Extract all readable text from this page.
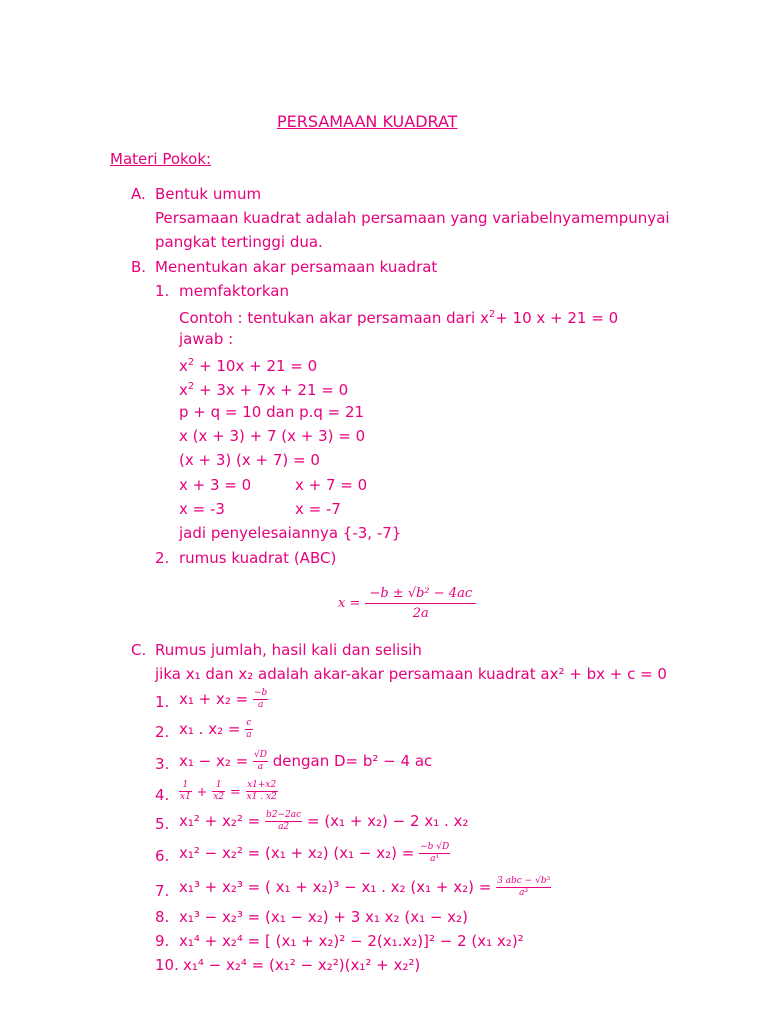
PERSAMAAN KUADRAT
Materi Pokok:
A. Bentuk umum
Persamaan kuadrat adalah persamaan yang variabelnyamempunyai
pangkat tertinggi dua.
B. Menentukan akar persamaan kuadrat
1. memfaktorkan
Contoh : tentukan akar persamaan dari $x^2+ 10$ x + 21 = 0
jawab :
$x^2 + 10x + 21 = 0$
$x^2 + 3x + 7x + 21 = 0$
p + q = 10 dan p.q = 21
x (x + 3) + 7 (x + 3) = 0
(x + 3) (x + 7) = 0
x + 3 = 0	x + 7 = 0
x = -3	x = -7
jadi penyelesaiannya {-3, -7}
2. rumus kuadrat (ABC)
$x = \frac{\text{−b ± √b² − 4ac}}{2a}$
C. Rumus jumlah, hasil kali dan selisih
jika x₁ dan x₂ adalah akar-akar persamaan kuadrat ax² + bx + c = 0
1. $x_1 + x_2 = \frac{-b}{a}$
2. x₁ . $x_2 = \frac{c}{a}$
3. $x_1 - x_2 = \frac{√D}{a}$ dengan D= b² − 4 ac
4. $\frac{1}{x1} + \frac{1}{x2} = \frac{x1+x2}{x1 . x2}$
5. $x_1^2 + x_2^2 = \frac{b2-2ac}{a2} = (x_1 + x_2) - 2$ x₁ . x₂
6. x₁² − x₂² = (x₁ + x₂) $(x_1 - x_2) = \frac{-b √D}{\text{a¹}}$
7. x₁³ + x₂³ = ( x₁ + x₂)³ − x₁ . x₂ $(x_1 + x_2) = \frac{\text{3 abc − √b³}}{\text{a³}}$
8. x₁³ − x₂³ = (x₁ − x₂) + 3 x₁ x₂ (x₁ − x₂)
9. x₁⁴ + x₂⁴ = [ (x₁ + x₂)² − 2(x₁.x₂)]² − 2 (x₁ x₂)²
10. x₁⁴ − x₂⁴ = (x₁² − x₂²)(x₁² + x₂²)
